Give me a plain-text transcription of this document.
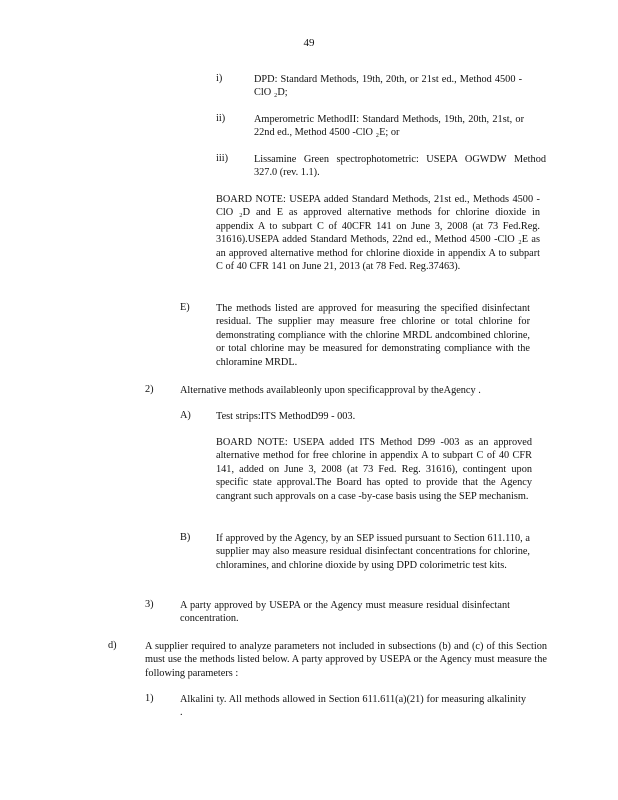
49
i)	DPD: Standard Methods, 19th, 20th, or 21st ed., Method 4500 -ClO ₂D;
ii)	Amperometric MethodII: Standard Methods, 19th, 20th, 21st, or 22nd ed., Method 4500 -ClO ₂E; or
iii)	Lissamine Green spectrophotometric: USEPA OGWDW Method 327.0 (rev. 1.1).
BOARD NOTE: USEPA added Standard Methods, 21st ed., Methods 4500 -ClO ₂D and E as approved alternative methods for chlorine dioxide in appendix A to subpart C of 40CFR 141 on June 3, 2008 (at 73 Fed.Reg. 31616).USEPA added Standard Methods, 22nd ed., Method 4500 -ClO ₂E as an approved alternative method for chlorine dioxide in appendix A to subpart C of 40 CFR 141 on June 21, 2013 (at 78 Fed. Reg.37463).
E)	The methods listed are approved for measuring the specified disinfectant residual. The supplier may measure free chlorine or total chlorine for demonstrating compliance with the chlorine MRDL andcombined chlorine, or total chlorine may be measured for demonstrating compliance with the chloramine MRDL.
2)	Alternative methods availableonly upon specificapproval by theAgency .
A) Test strips:ITS MethodD99 - 003.
BOARD NOTE: USEPA added ITS Method D99 -003 as an approved alternative method for free chlorine in appendix A to subpart C of 40 CFR 141, added on June 3, 2008 (at 73 Fed. Reg. 31616), contingent upon specific state approval.The Board has opted to provide that the Agency cangrant such approvals on a case -by-case basis using the SEP mechanism.
B) If approved by the Agency, by an SEP issued pursuant to Section 611.110, a supplier may also measure residual disinfectant concentrations for chlorine, chloramines, and chlorine dioxide by using DPD colorimetric test kits.
3)	A party approved by USEPA or the Agency must measure residual disinfectant concentration.
d)	A supplier required to analyze parameters not included in subsections (b) and (c) of this Section must use the methods listed below. A party approved by USEPA or the Agency must measure the following parameters :
1)	Alkalini ty. All methods allowed in Section 611.611(a)(21) for measuring alkalinity .
